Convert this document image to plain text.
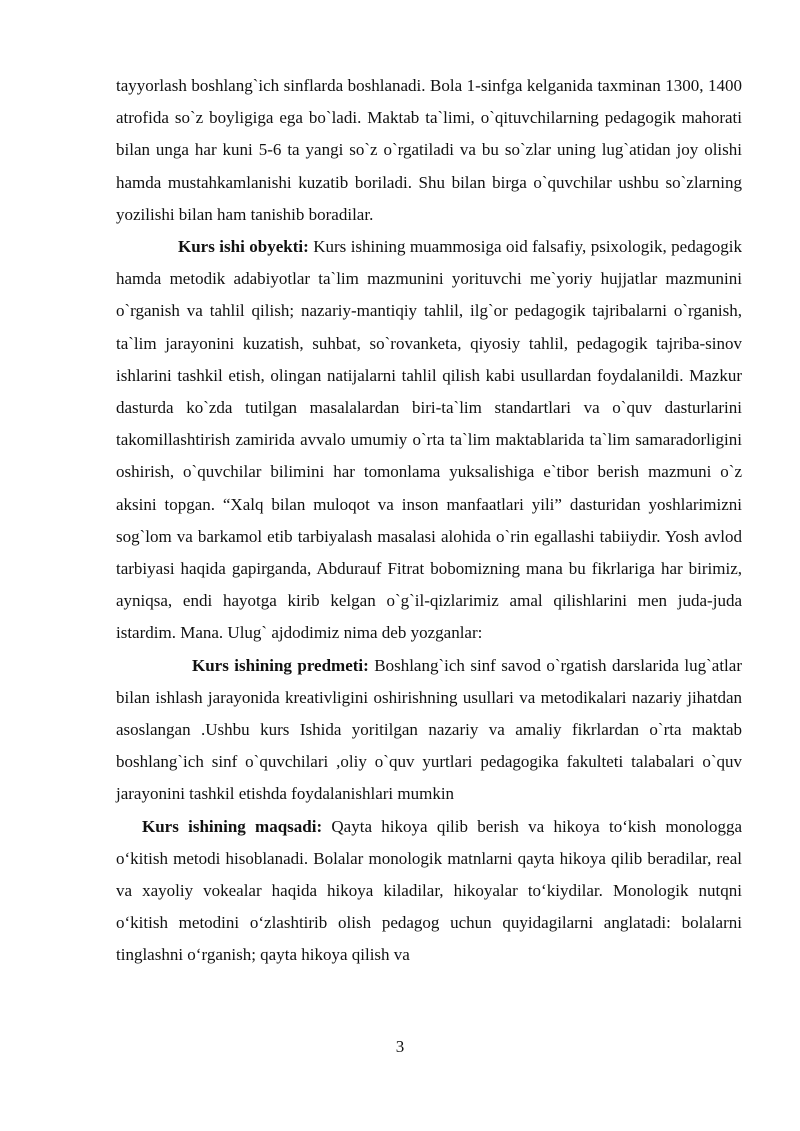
tayyorlash boshlang`ich sinflarda boshlanadi. Bola 1-sinfga kelganida taxminan 1300, 1400 atrofida so`z boyligiga ega bo`ladi. Maktab ta`limi, o`qituvchilarning pedagogik mahorati bilan unga har kuni 5-6 ta yangi so`z o`rgatiladi va bu so`zlar uning lug`atidan joy olishi hamda mustahkamlanishi kuzatib boriladi. Shu bilan birga o`quvchilar ushbu so`zlarning yozilishi bilan ham tanishib boradilar.

Kurs ishi obyekti: Kurs ishining muammosiga oid falsafiy, psixologik, pedagogik hamda metodik adabiyotlar ta`lim mazmunini yorituvchi me`yoriy hujjatlar mazmunini o`rganish va tahlil qilish; nazariy-mantiqiy tahlil, ilg`or pedagogik tajribalarni o`rganish, ta`lim jarayonini kuzatish, suhbat, so`rovanketa, qiyosiy tahlil, pedagogik tajriba-sinov ishlarini tashkil etish, olingan natijalarni tahlil qilish kabi usullardan foydalanildi. Mazkur dasturda ko`zda tutilgan masalalardan biri-ta`lim standartlari va o`quv dasturlarini takomillashtirish zamirida avvalo umumiy o`rta ta`lim maktablarida ta`lim samaradorligini oshirish, o`quvchilar bilimini har tomonlama yuksalishiga e`tibor berish mazmuni o`z aksini topgan. “Xalq bilan muloqot va inson manfaatlari yili” dasturidan yoshlarimizni sog`lom va barkamol etib tarbiyalash masalasi alohida o`rin egallashi tabiiydir. Yosh avlod tarbiyasi haqida gapirganda, Abdurauf Fitrat bobomizning mana bu fikrlariga har birimiz, ayniqsa, endi hayotga kirib kelgan o`g`il-qizlarimiz amal qilishlarini men juda-juda istardim. Mana. Ulug` ajdodimiz nima deb yozganlar:

Kurs ishining predmeti: Boshlang`ich sinf savod o`rgatish darslarida lug`atlar bilan ishlash jarayonida kreativligini oshirishning usullari va metodikalari nazariy jihatdan asoslangan .Ushbu kurs Ishida yoritilgan nazariy va amaliy fikrlardan o`rta maktab boshlang`ich sinf o`quvchilari ,oliy o`quv yurtlari pedagogika fakulteti talabalari o`quv jarayonini tashkil etishda foydalanishlari mumkin

Kurs ishining maqsadi: Qayta hikoya qilib berish va hikoya to‘kish monologga o‘kitish metodi hisoblanadi. Bolalar monologik matnlarni qayta hikoya qilib beradilar, real va xayoliy vokealar haqida hikoya kiladilar, hikoyalar to‘kiydilar. Monologik nutqni o‘kitish metodini o‘zlashtirib olish pedagog uchun quyidagilarni anglatadi: bolalarni tinglashni o‘rganish; qayta hikoya qilish va

3
